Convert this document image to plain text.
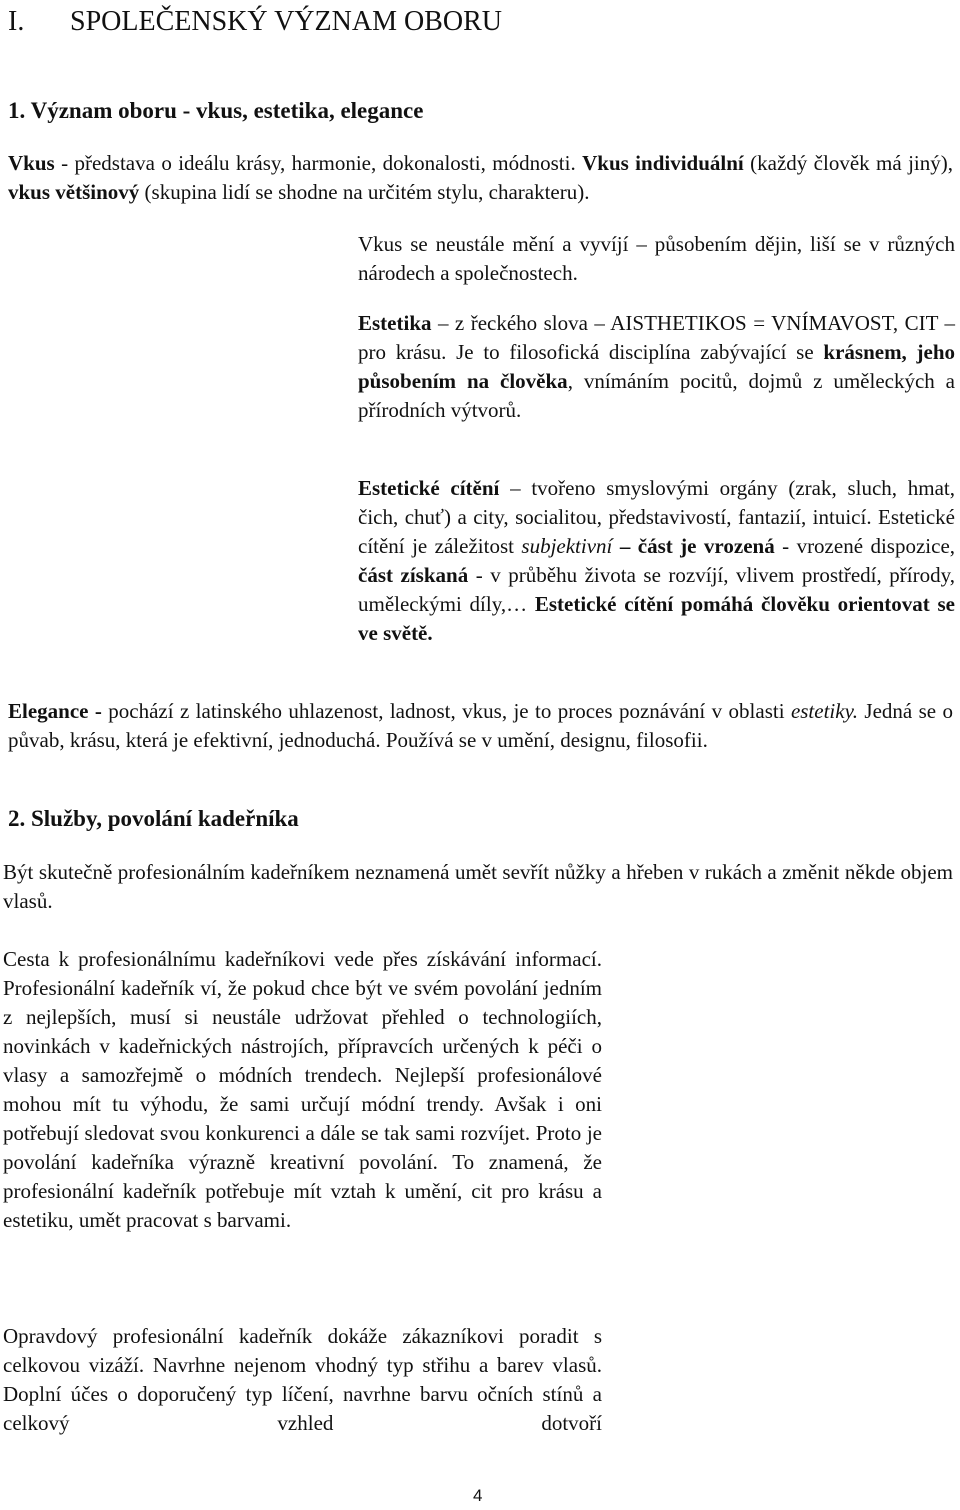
I. SPOLEČENSKÝ VÝZNAM OBORU
1. Význam oboru - vkus, estetika, elegance

Vkus - představa o ideálu krásy, harmonie, dokonalosti, módnosti. Vkus individuální (každý člověk má jiný), vkus většinový (skupina lidí se shodne na určitém stylu, charakteru).

Vkus se neustále mění a vyvíjí – působením dějin, liší se v různých národech a společnostech.

Estetika – z řeckého slova – AISTHETIKOS = VNÍMAVOST, CIT – pro krásu. Je to filosofická disciplína zabývající se krásnem, jeho působením na člověka, vnímáním pocitů, dojmů z uměleckých a přírodních výtvorů.

Estetické cítění – tvořeno smyslovými orgány (zrak, sluch, hmat, čich, chuť) a city, socialitou, představivostí, fantazií, intuicí. Estetické cítění je záležitost subjektivní – část je vrozená - vrozené dispozice, část získaná - v průběhu života se rozvíjí, vlivem prostředí, přírody, uměleckými díly,… Estetické cítění pomáhá člověku orientovat se ve světě.

Elegance - pochází z latinského uhlazenost, ladnost, vkus, je to proces poznávání v oblasti estetiky. Jedná se o půvab, krásu, která je efektivní, jednoduchá. Používá se v umění, designu, filosofii.

2. Služby, povolání kadeřníka

Být skutečně profesionálním kadeřníkem neznamená umět sevřít nůžky a hřeben v rukách a změnit někde objem vlasů.

Cesta k profesionálnímu kadeřníkovi vede přes získávání informací. Profesionální kadeřník ví, že pokud chce být ve svém povolání jedním z nejlepších, musí si neustále udržovat přehled o technologiích, novinkách v kadeřnických nástrojích, přípravcích určených k péči o vlasy a samozřejmě o módních trendech. Nejlepší profesionálové mohou mít tu výhodu, že sami určují módní trendy. Avšak i oni potřebují sledovat svou konkurenci a dále se tak sami rozvíjet. Proto je povolání kadeřníka výrazně kreativní povolání. To znamená, že profesionální kadeřník potřebuje mít vztah k umění, cit pro krásu a estetiku, umět pracovat s barvami.

Opravdový profesionální kadeřník dokáže zákazníkovi poradit s celkovou vizáží. Navrhne nejenom vhodný typ střihu a barev vlasů. Doplní účes o doporučený typ líčení, navrhne barvu očních stínů a celkový vzhled dotvoří

4
